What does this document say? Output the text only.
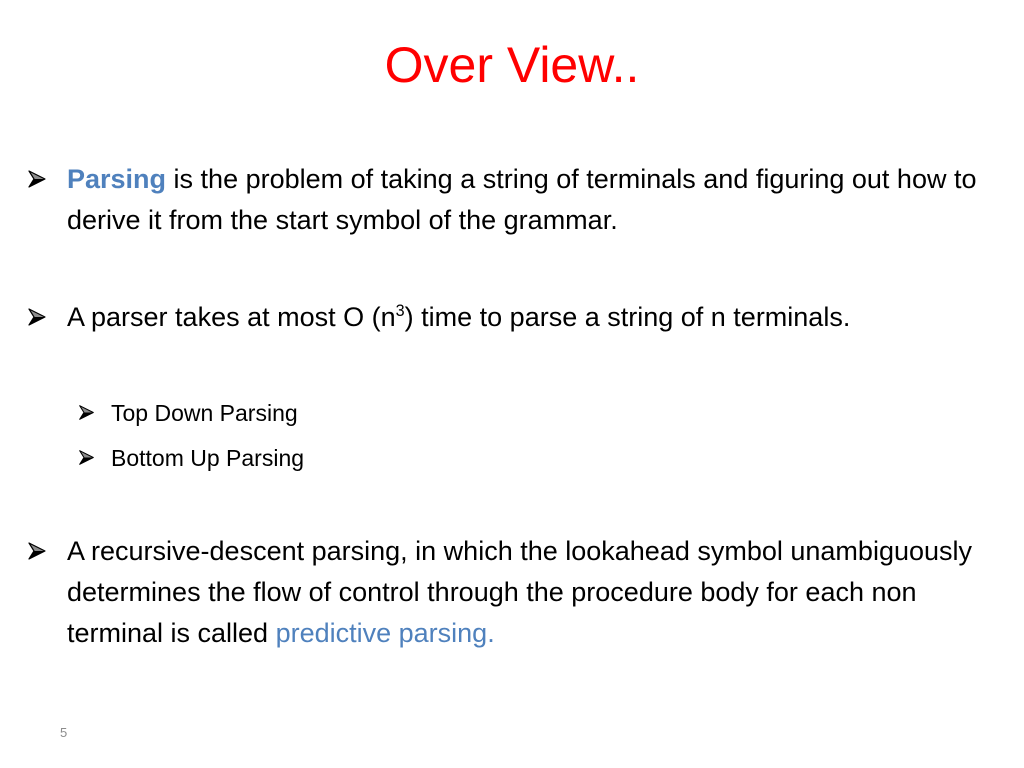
Over View..
Parsing is the problem of taking a string of terminals and figuring out how to derive it from the start symbol of the grammar.
A parser takes at most O $(n^3)$ time to parse a string of n terminals.
Top Down Parsing
Bottom Up Parsing
A recursive-descent parsing, in which the lookahead symbol unambiguously determines the flow of control through the procedure body for each non terminal is called predictive parsing.
5
